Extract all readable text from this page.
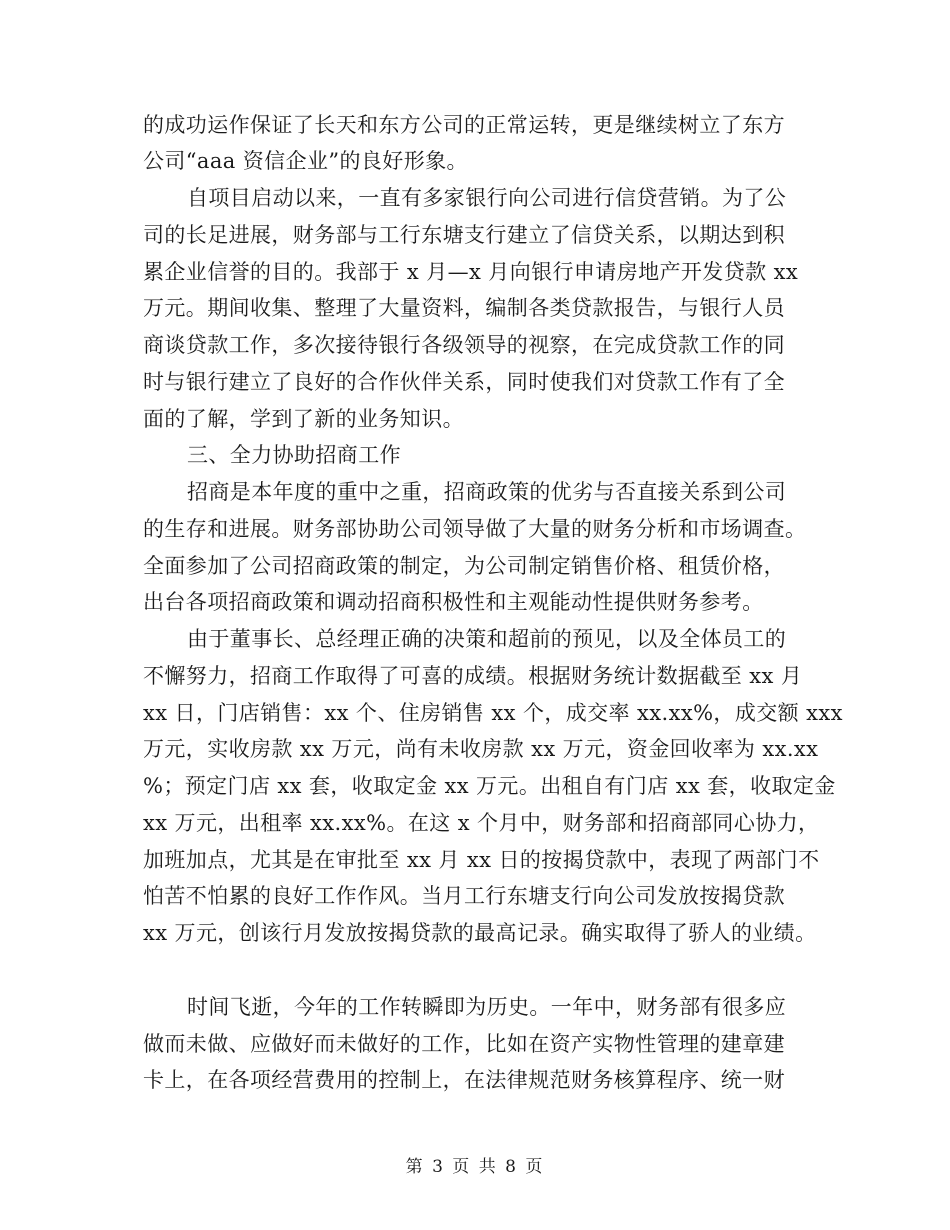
的成功运作保证了长天和东方公司的正常运转，更是继续树立了东方
公司“aaa 资信企业”的良好形象。
自项目启动以来，一直有多家银行向公司进行信贷营销。为了公
司的长足进展，财务部与工行东塘支行建立了信贷关系，以期达到积
累企业信誉的目的。我部于 x 月—x 月向银行申请房地产开发贷款 xx
万元。期间收集、整理了大量资料，编制各类贷款报告，与银行人员
商谈贷款工作，多次接待银行各级领导的视察，在完成贷款工作的同
时与银行建立了良好的合作伙伴关系，同时使我们对贷款工作有了全
面的了解，学到了新的业务知识。
三、全力协助招商工作
招商是本年度的重中之重，招商政策的优劣与否直接关系到公司
的生存和进展。财务部协助公司领导做了大量的财务分析和市场调查。
全面参加了公司招商政策的制定，为公司制定销售价格、租赁价格，
出台各项招商政策和调动招商积极性和主观能动性提供财务参考。
由于董事长、总经理正确的决策和超前的预见，以及全体员工的
不懈努力，招商工作取得了可喜的成绩。根据财务统计数据截至 xx 月
xx 日，门店销售：xx 个、住房销售 xx 个，成交率 xx.xx%，成交额 xxx
万元，实收房款 xx 万元，尚有未收房款 xx 万元，资金回收率为 xx.xx
%；预定门店 xx 套，收取定金 xx 万元。出租自有门店 xx 套，收取定金
xx 万元，出租率 xx.xx%。在这 x 个月中，财务部和招商部同心协力，
加班加点，尤其是在审批至 xx 月 xx 日的按揭贷款中，表现了两部门不
怕苦不怕累的良好工作作风。当月工行东塘支行向公司发放按揭贷款
xx 万元，创该行月发放按揭贷款的最高记录。确实取得了骄人的业绩。
时间飞逝，今年的工作转瞬即为历史。一年中，财务部有很多应
做而未做、应做好而未做好的工作，比如在资产实物性管理的建章建
卡上，在各项经营费用的控制上，在法律规范财务核算程序、统一财
第 3 页 共 8 页
